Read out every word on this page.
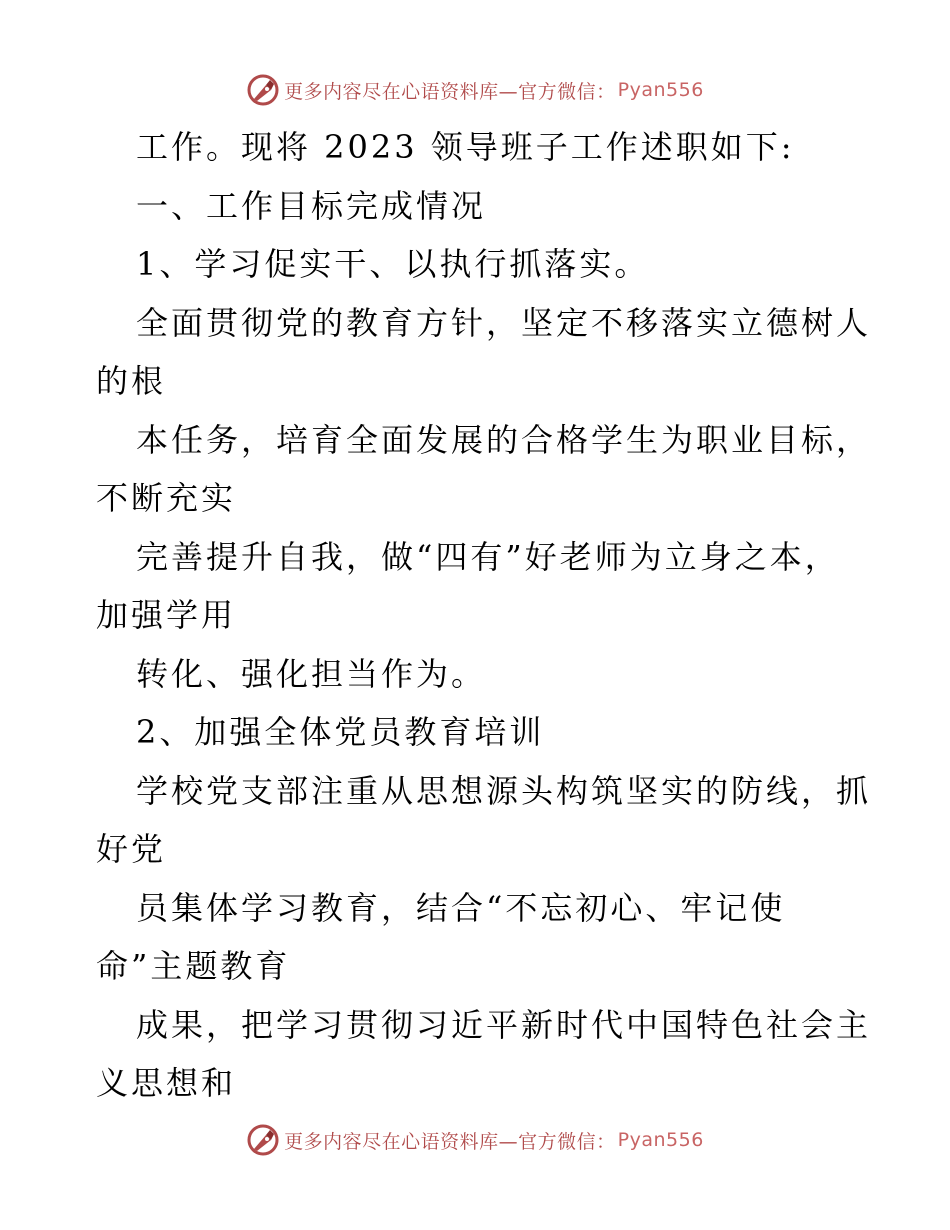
更多内容尽在心语资料库—官方微信： Pyan556
工作。现将 2023 领导班子工作述职如下:
一、工作目标完成情况
1、学习促实干、以执行抓落实。
全面贯彻党的教育方针，坚定不移落实立德树人
的根
本任务，培育全面发展的合格学生为职业目标，
不断充实
完善提升自我，做“四有”好老师为立身之本，
加强学用
转化、强化担当作为。
2、加强全体党员教育培训
学校党支部注重从思想源头构筑坚实的防线，抓
好党
员集体学习教育，结合“不忘初心、牢记使
命”主题教育
成果，把学习贯彻习近平新时代中国特色社会主
义思想和
更多内容尽在心语资料库—官方微信： Pyan556
